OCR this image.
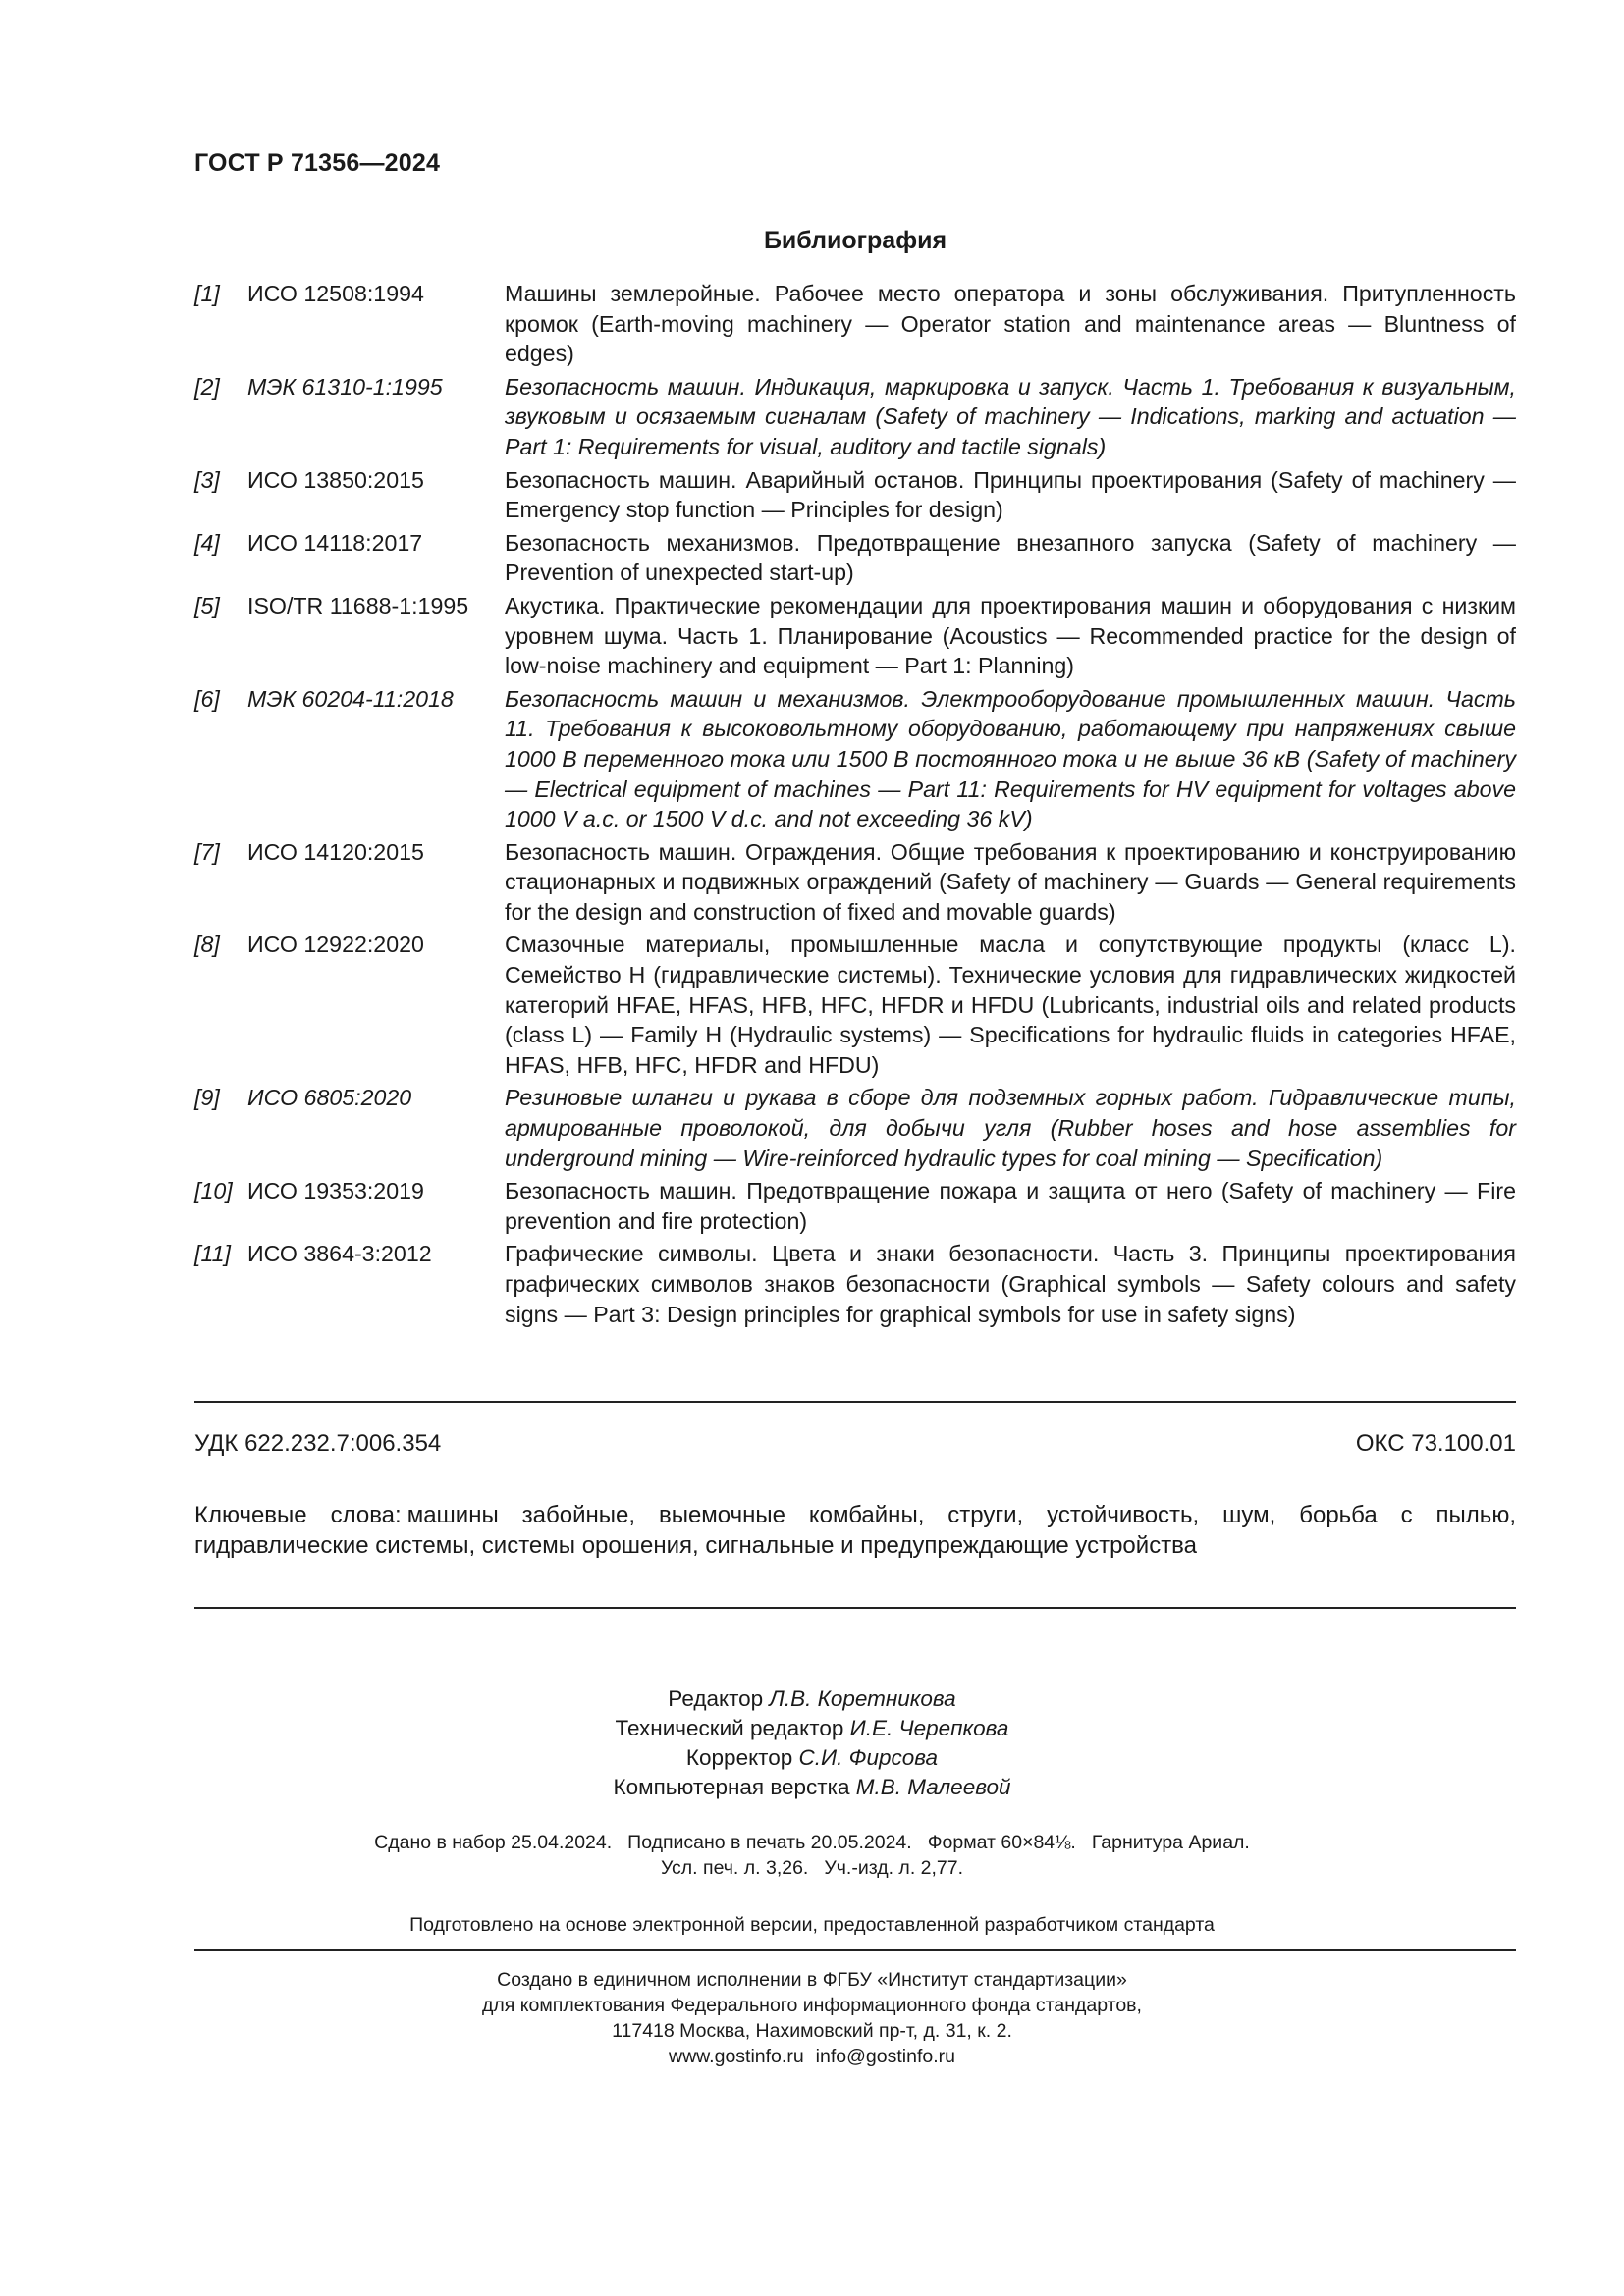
ГОСТ Р 71356—2024
Библиография
[1]	ИСО 12508:1994	Машины землеройные. Рабочее место оператора и зоны обслуживания. Притупленность кромок (Earth-moving machinery — Operator station and maintenance areas — Bluntness of edges)
[2]	МЭК 61310-1:1995	Безопасность машин. Индикация, маркировка и запуск. Часть 1. Требования к визуальным, звуковым и осязаемым сигналам (Safety of machinery — Indications, marking and actuation — Part 1: Requirements for visual, auditory and tactile signals)
[3]	ИСО 13850:2015	Безопасность машин. Аварийный останов. Принципы проектирования (Safety of machinery — Emergency stop function — Principles for design)
[4]	ИСО 14118:2017	Безопасность механизмов. Предотвращение внезапного запуска (Safety of machinery — Prevention of unexpected start-up)
[5]	ISO/TR 11688-1:1995	Акустика. Практические рекомендации для проектирования машин и оборудования с низким уровнем шума. Часть 1. Планирование (Acoustics — Recommended practice for the design of low-noise machinery and equipment — Part 1: Planning)
[6]	МЭК 60204-11:2018	Безопасность машин и механизмов. Электрооборудование промышленных машин. Часть 11. Требования к высоковольтному оборудованию, работающему при напряжениях свыше 1000 В переменного тока или 1500 В постоянного тока и не выше 36 кВ (Safety of machinery — Electrical equipment of machines — Part 11: Requirements for HV equipment for voltages above 1000 V a.c. or 1500 V d.c. and not exceeding 36 kV)
[7]	ИСО 14120:2015	Безопасность машин. Ограждения. Общие требования к проектированию и конструированию стационарных и подвижных ограждений (Safety of machinery — Guards — General requirements for the design and construction of fixed and movable guards)
[8]	ИСО 12922:2020	Смазочные материалы, промышленные масла и сопутствующие продукты (класс L). Семейство H (гидравлические системы). Технические условия для гидравлических жидкостей категорий HFAE, HFAS, HFB, HFC, HFDR и HFDU (Lubricants, industrial oils and related products (class L) — Family H (Hydraulic systems) — Specifications for hydraulic fluids in categories HFAE, HFAS, HFB, HFC, HFDR and HFDU)
[9]	ИСО 6805:2020	Резиновые шланги и рукава в сборе для подземных горных работ. Гидравлические типы, армированные проволокой, для добычи угля (Rubber hoses and hose assemblies for underground mining — Wire-reinforced hydraulic types for coal mining — Specification)
[10] ИСО 19353:2019	Безопасность машин. Предотвращение пожара и защита от него (Safety of machinery — Fire prevention and fire protection)
[11] ИСО 3864-3:2012	Графические символы. Цвета и знаки безопасности. Часть 3. Принципы проектирования графических символов знаков безопасности (Graphical symbols — Safety colours and safety signs — Part 3: Design principles for graphical symbols for use in safety signs)
УДК 622.232.7:006.354	ОКС 73.100.01
Ключевые слова: машины забойные, выемочные комбайны, струги, устойчивость, шум, борьба с пылью, гидравлические системы, системы орошения, сигнальные и предупреждающие устройства
Редактор Л.В. Коретникова
Технический редактор И.Е. Черепкова
Корректор С.И. Фирсова
Компьютерная верстка М.В. Малеевой
Сдано в набор 25.04.2024. Подписано в печать 20.05.2024. Формат 60×84⅛. Гарнитура Ариал.
Усл. печ. л. 3,26. Уч.-изд. л. 2,77.
Подготовлено на основе электронной версии, предоставленной разработчиком стандарта
Создано в единичном исполнении в ФГБУ «Институт стандартизации»
для комплектования Федерального информационного фонда стандартов,
117418 Москва, Нахимовский пр-т, д. 31, к. 2.
www.gostinfo.ru info@gostinfo.ru
